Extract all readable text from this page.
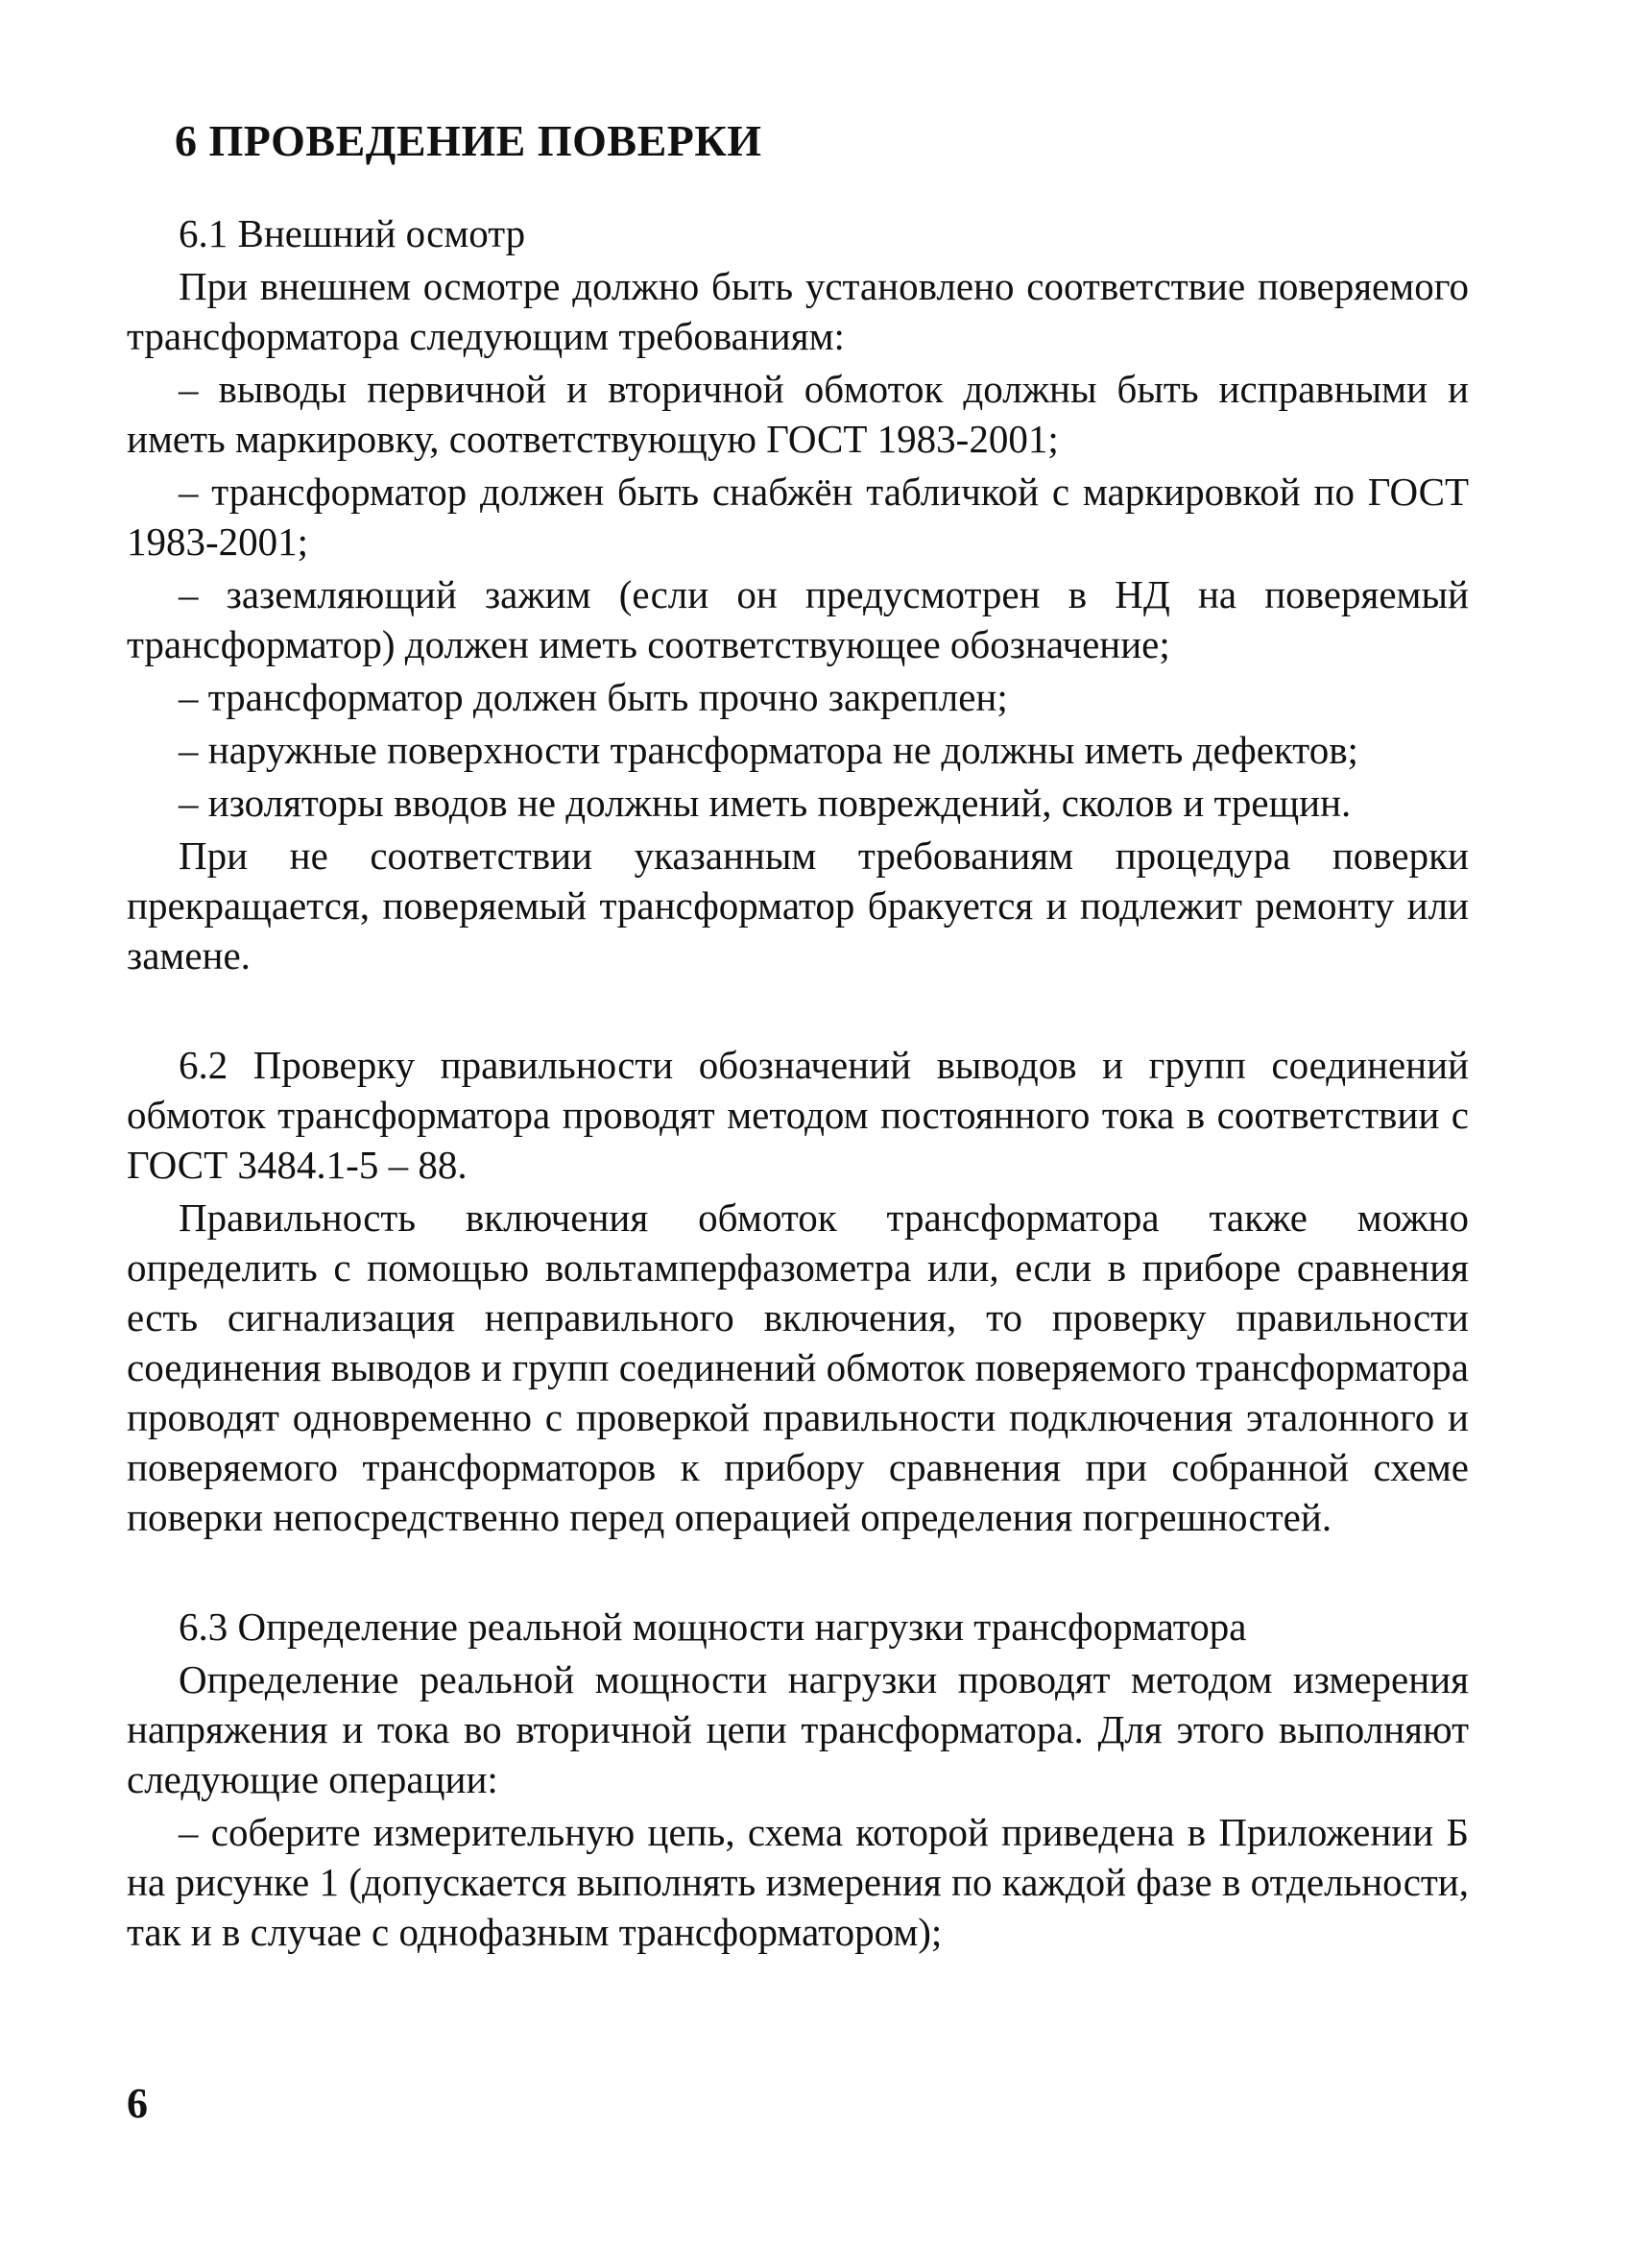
6 ПРОВЕДЕНИЕ ПОВЕРКИ
6.1 Внешний осмотр

При внешнем осмотре должно быть установлено соответствие поверяемого трансформатора следующим требованиям:

– выводы первичной и вторичной обмоток должны быть исправными и иметь маркировку, соответствующую ГОСТ 1983-2001;

– трансформатор должен быть снабжён табличкой с маркировкой по ГОСТ 1983-2001;

– заземляющий зажим (если он предусмотрен в НД на поверяемый трансформатор) должен иметь соответствующее обозначение;

– трансформатор должен быть прочно закреплен;

– наружные поверхности трансформатора не должны иметь дефектов;

– изоляторы вводов не должны иметь повреждений, сколов и трещин.

При не соответствии указанным требованиям процедура поверки прекращается, поверяемый трансформатор бракуется и подлежит ремонту или замене.

6.2 Проверку правильности обозначений выводов и групп соединений обмоток трансформатора проводят методом постоянного тока в соответствии с ГОСТ 3484.1-5 – 88.

Правильность включения обмоток трансформатора также можно определить с помощью вольтамперфазометра или, если в приборе сравнения есть сигнализация неправильного включения, то проверку правильности соединения выводов и групп соединений обмоток поверяемого трансформатора проводят одновременно с проверкой правильности подключения эталонного и поверяемого трансформаторов к прибору сравнения при собранной схеме поверки непосредственно перед операцией определения погрешностей.

6.3 Определение реальной мощности нагрузки трансформатора

Определение реальной мощности нагрузки проводят методом измерения напряжения и тока во вторичной цепи трансформатора. Для этого выполняют следующие операции:

– соберите измерительную цепь, схема которой приведена в Приложении Б на рисунке 1 (допускается выполнять измерения по каждой фазе в отдельности, так и в случае с однофазным трансформатором);

6
